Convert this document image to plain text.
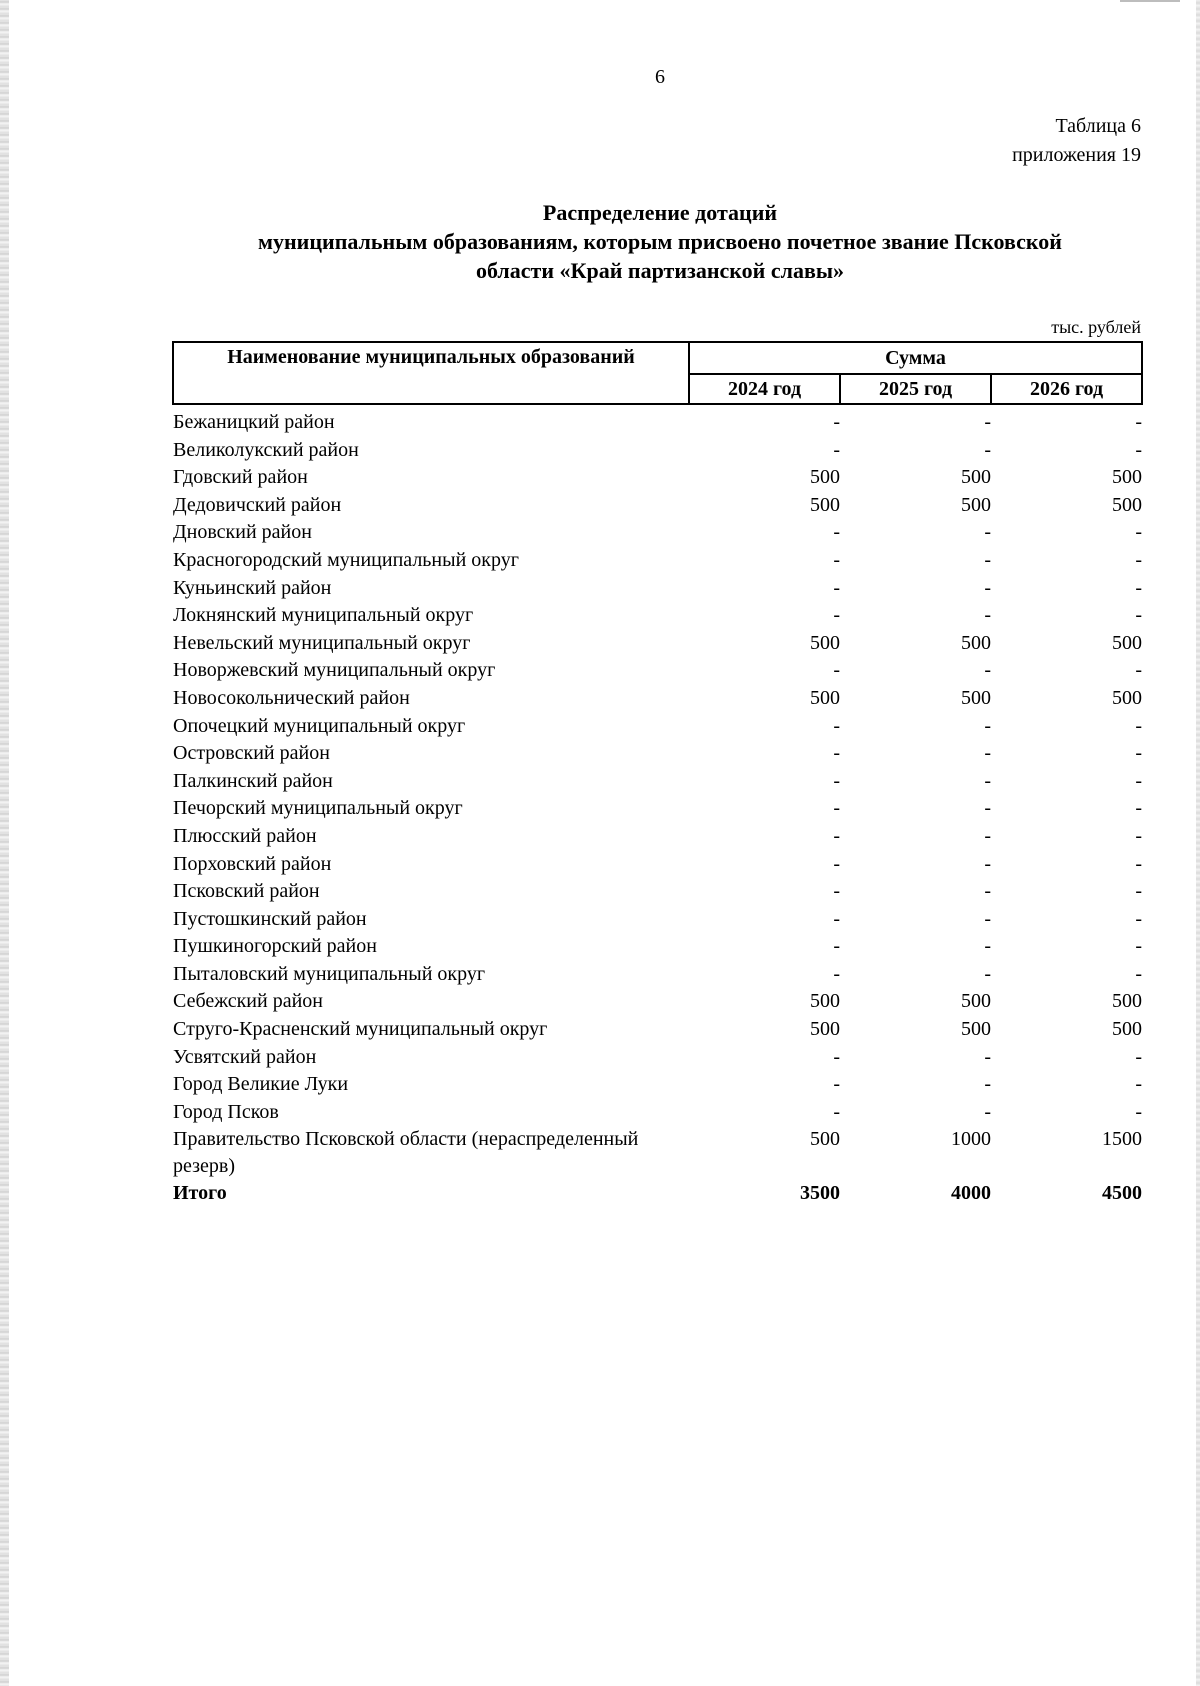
6
Таблица 6
приложения 19
Распределение дотаций
муниципальным образованиям, которым присвоено почетное звание Псковской
области «Край партизанской славы»
тыс. рублей
Наименование муниципальных образований	Сумма		
	2024 год	2025 год	2026 год
Бежаницкий район	-	-	-
Великолукский район	-	-	-
Гдовский район	500	500	500
Дедовичский район	500	500	500
Дновский район	-	-	-
Красногородский муниципальный округ	-	-	-
Куньинский район	-	-	-
Локнянский муниципальный округ	-	-	-
Невельский муниципальный округ	500	500	500
Новоржевский муниципальный округ	-	-	-
Новосокольнический район	500	500	500
Опочецкий муниципальный округ	-	-	-
Островский район	-	-	-
Палкинский район	-	-	-
Печорский муниципальный округ	-	-	-
Плюсский район	-	-	-
Порховский район	-	-	-
Псковский район	-	-	-
Пустошкинский район	-	-	-
Пушкиногорский район	-	-	-
Пыталовский муниципальный округ	-	-	-
Себежский район	500	500	500
Струго-Красненский муниципальный округ	500	500	500
Усвятский район	-	-	-
Город Великие Луки	-	-	-
Город Псков	-	-	-
Правительство Псковской области (нераспределенный резерв)	500	1000	1500
Итого	3500	4000	4500
